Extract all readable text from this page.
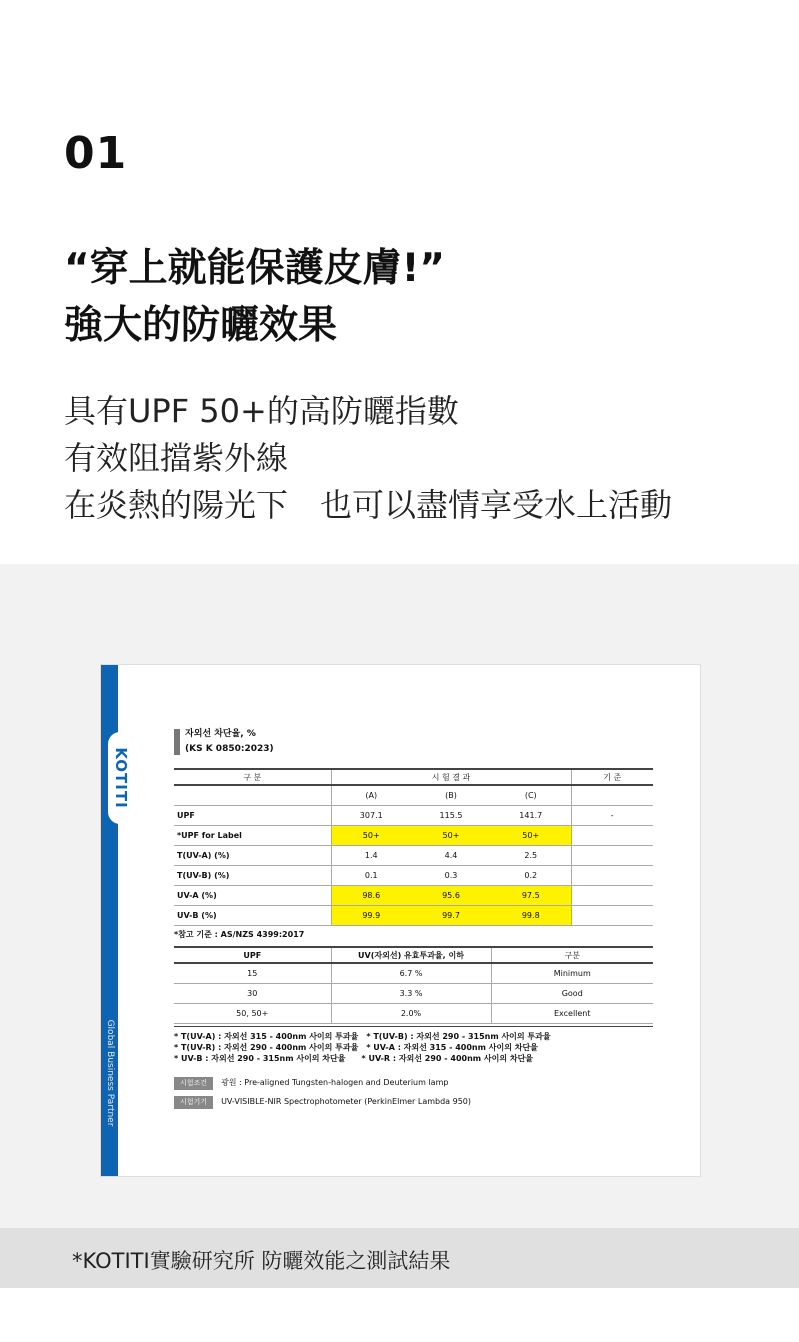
01
“穿上就能保護皮膚!”
強大的防曬效果
具有UPF 50+的高防曬指數
有效阻擋紫外線
在炎熱的陽光下　也可以盡情享受水上活動
Global Business Partner
KOTITI
자외선 차단율, %
(KS K 0850:2023)
구 분	시 험 결 과			기 준
	(A)	(B)	(C)	
UPF	307.1	115.5	141.7	-
*UPF for Label	50+	50+	50+	
T(UV-A) (%)	1.4	4.4	2.5	
T(UV-B) (%)	0.1	0.3	0.2	
UV-A (%)	98.6	95.6	97.5	
UV-B (%)	99.9	99.7	99.8	
*참고 기준 : AS/NZS 4399:2017
UPF	UV(자외선) 유효투과율, 이하	구분
15	6.7 %	Minimum
30	3.3 %	Good
50, 50+	2.0%	Excellent
* T(UV-A) : 자외선 315 - 400nm 사이의 투과율　* T(UV-B) : 자외선 290 - 315nm 사이의 투과율
* T(UV-R) : 자외선 290 - 400nm 사이의 투과율　* UV-A : 자외선 315 - 400nm 사이의 차단율
* UV-B : 자외선 290 - 315nm 사이의 차단율　　* UV-R : 자외선 290 - 400nm 사이의 차단율
시험조건 광원 : Pre-aligned Tungsten-halogen and Deuterium lamp
시험기기 UV-VISIBLE-NIR Spectrophotometer (PerkinElmer Lambda 950)
*KOTITI實驗研究所 防曬效能之測試結果
